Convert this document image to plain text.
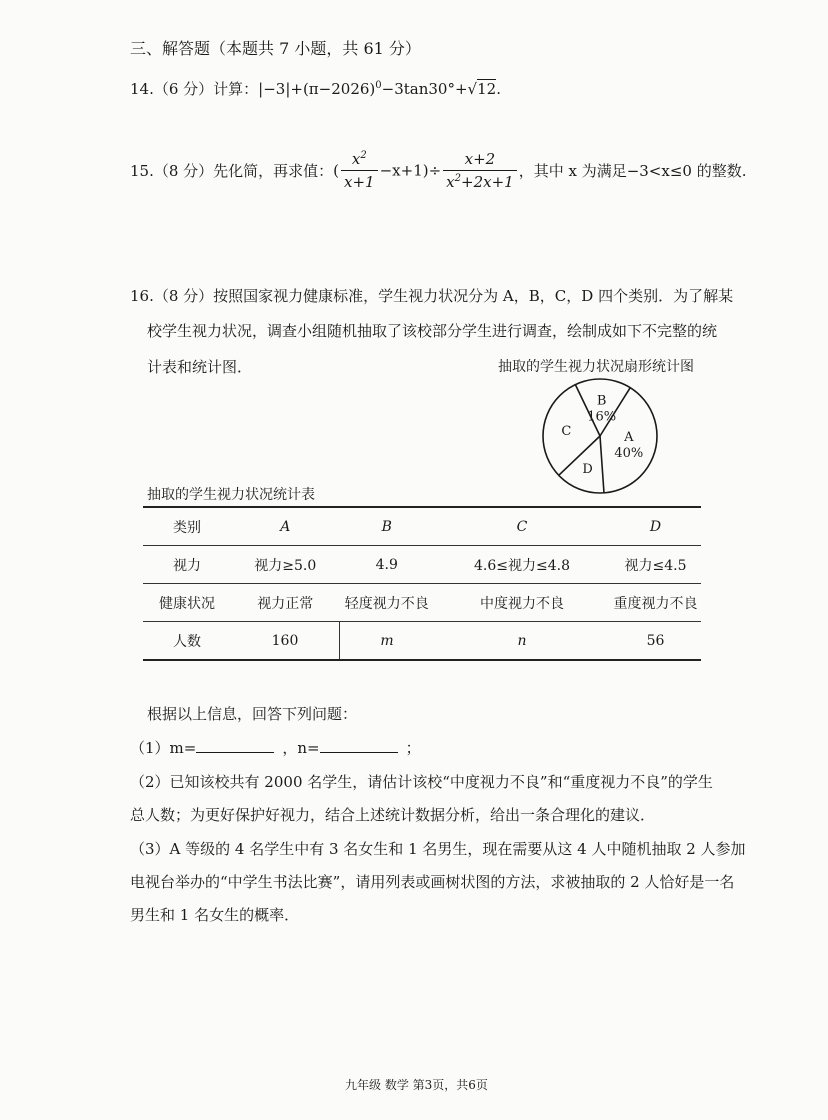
三、解答题（本题共 7 小题，共 61 分）
14.（6 分）计算：$|-3|+(\pi-2026)^0-3\tan 30^\circ+√12$.
15.（8 分）先化简，再求值：( $\frac{x^2}{x+1} -x+1)\div \frac{x+2}{x^2+2x+1}$ ，其中 x 为满足−3<x≤0 的整数.
16.（8 分）按照国家视力健康标准，学生视力状况分为 A，B，C，D 四个类别．为了解某
校学生视力状况，调查小组随机抽取了该校部分学生进行调查，绘制成如下不完整的统
计表和统计图．	抽取的学生视力状况扇形统计图
A
40%
D
C
B
16%
抽取的学生视力状况统计表
类别	A	B	C	D
视力	视力≥5.0	4.9	4.6≤视力≤4.8	视力≤4.5
健康状况	视力正常	轻度视力不良	中度视力不良	重度视力不良
人数	160	m	n	56
根据以上信息，回答下列问题：
（1）m=	，n=	；
（2）已知该校共有 2000 名学生，请估计该校“中度视力不良”和“重度视力不良”的学生
总人数；为更好保护好视力，结合上述统计数据分析，给出一条合理化的建议．
（3）A 等级的 4 名学生中有 3 名女生和 1 名男生，现在需要从这 4 人中随机抽取 2 人参加
电视台举办的“中学生书法比赛”，请用列表或画树状图的方法，求被抽取的 2 人恰好是一名
男生和 1 名女生的概率．
九年级 数学 第3页，共6页
